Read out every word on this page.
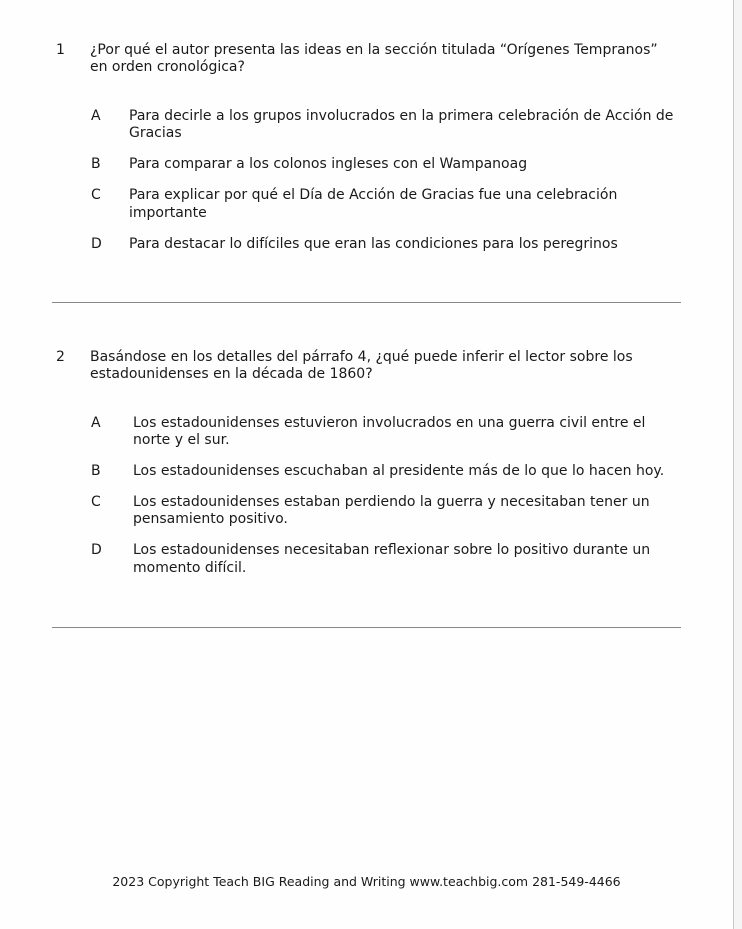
1 ¿Por qué el autor presenta las ideas en la sección titulada “Orígenes Tempranos”
en orden cronológica?
A Para decirle a los grupos involucrados en la primera celebración de Acción de
Gracias
B Para comparar a los colonos ingleses con el Wampanoag
C Para explicar por qué el Día de Acción de Gracias fue una celebración
importante
D Para destacar lo difíciles que eran las condiciones para los peregrinos
2 Basándose en los detalles del párrafo 4, ¿qué puede inferir el lector sobre los
estadounidenses en la década de 1860?
A Los estadounidenses estuvieron involucrados en una guerra civil entre el
norte y el sur.
B Los estadounidenses escuchaban al presidente más de lo que lo hacen hoy.
C Los estadounidenses estaban perdiendo la guerra y necesitaban tener un
pensamiento positivo.
D Los estadounidenses necesitaban reflexionar sobre lo positivo durante un
momento difícil.
2023 Copyright Teach BIG Reading and Writing www.teachbig.com 281-549-4466
